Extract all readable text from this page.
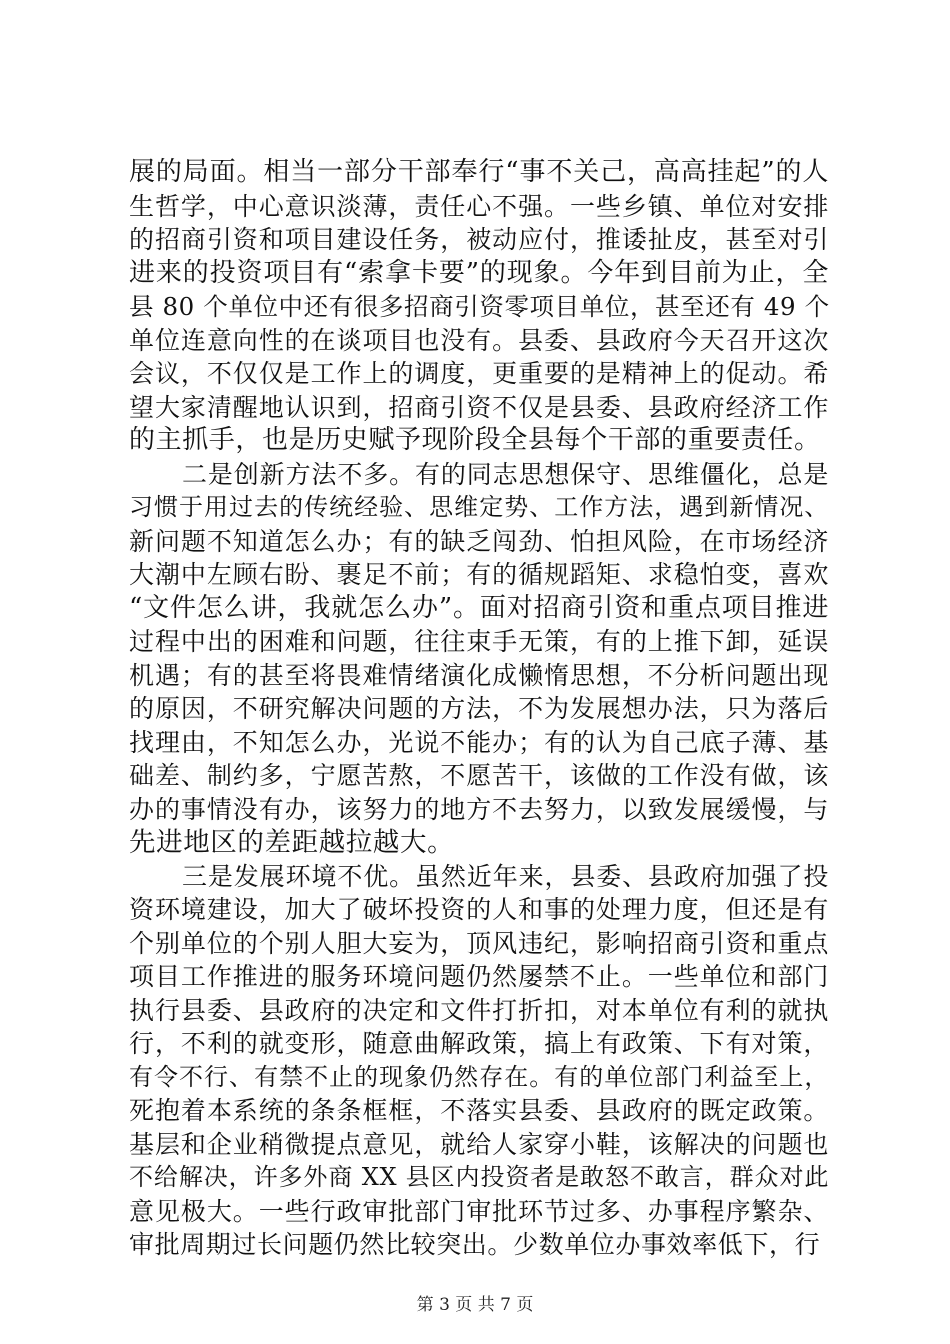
展的局面。相当一部分干部奉行“事不关己，高高挂起”的人
生哲学，中心意识淡薄，责任心不强。一些乡镇、单位对安排
的招商引资和项目建设任务，被动应付，推诿扯皮，甚至对引
进来的投资项目有“索拿卡要”的现象。今年到目前为止，全
县 80 个单位中还有很多招商引资零项目单位，甚至还有 49 个
单位连意向性的在谈项目也没有。县委、县政府今天召开这次
会议，不仅仅是工作上的调度，更重要的是精神上的促动。希
望大家清醒地认识到，招商引资不仅是县委、县政府经济工作
的主抓手，也是历史赋予现阶段全县每个干部的重要责任。
二是创新方法不多。有的同志思想保守、思维僵化，总是
习惯于用过去的传统经验、思维定势、工作方法，遇到新情况、
新问题不知道怎么办；有的缺乏闯劲、怕担风险，在市场经济
大潮中左顾右盼、裹足不前；有的循规蹈矩、求稳怕变，喜欢
“文件怎么讲，我就怎么办”。面对招商引资和重点项目推进
过程中出的困难和问题，往往束手无策，有的上推下卸，延误
机遇；有的甚至将畏难情绪演化成懒惰思想，不分析问题出现
的原因，不研究解决问题的方法，不为发展想办法，只为落后
找理由，不知怎么办，光说不能办；有的认为自己底子薄、基
础差、制约多，宁愿苦熬，不愿苦干，该做的工作没有做，该
办的事情没有办，该努力的地方不去努力，以致发展缓慢，与
先进地区的差距越拉越大。
三是发展环境不优。虽然近年来，县委、县政府加强了投
资环境建设，加大了破坏投资的人和事的处理力度，但还是有
个别单位的个别人胆大妄为，顶风违纪，影响招商引资和重点
项目工作推进的服务环境问题仍然屡禁不止。一些单位和部门
执行县委、县政府的决定和文件打折扣，对本单位有利的就执
行，不利的就变形，随意曲解政策，搞上有政策、下有对策，
有令不行、有禁不止的现象仍然存在。有的单位部门利益至上，
死抱着本系统的条条框框，不落实县委、县政府的既定政策。
基层和企业稍微提点意见，就给人家穿小鞋，该解决的问题也
不给解决，许多外商 XX 县区内投资者是敢怒不敢言，群众对此
意见极大。一些行政审批部门审批环节过多、办事程序繁杂、
审批周期过长问题仍然比较突出。少数单位办事效率低下，行
第 3 页 共 7 页
